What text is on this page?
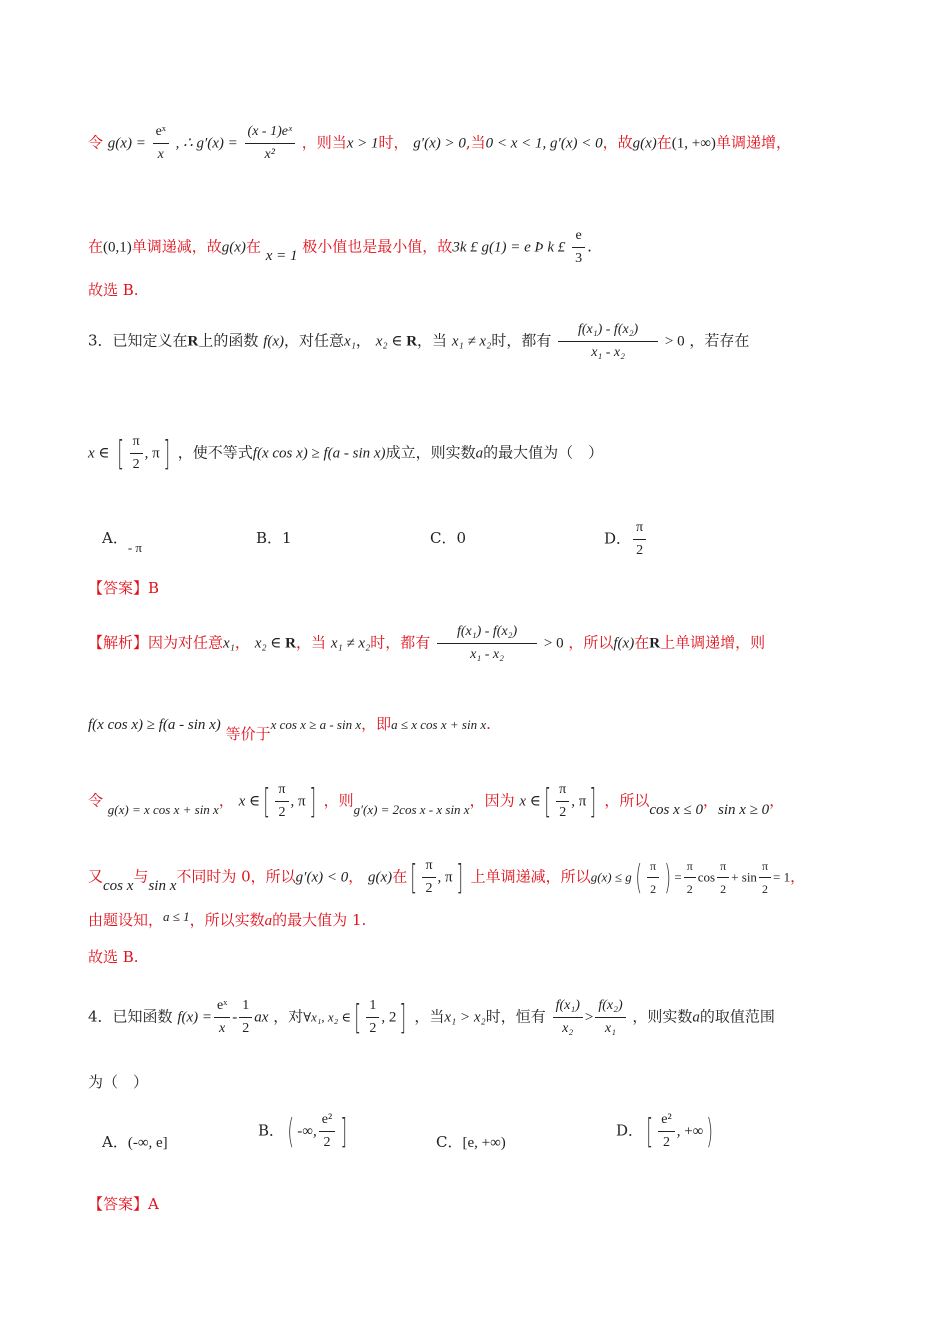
令 $g(x) = \frac{\text{eˣ}}{x}$ , ∴ $g'(x) = \frac{\text{(x - 1)eˣ}}{\text{x²}}$ ，则当x > 1时， g′(x) > 0,当0 < x < 1, g′(x) < 0，故g(x)在(1, +∞)单调递增，
在(0,1)单调递减，故g(x)在 x = 1 极小值也是最小值，故3k £ g(1) = e Þ k £ $\frac{e}{3}$ .
故选 B.
3．已知定义在R上的函数 f(x)，对任意x₁， x₂ ∈ R，当 x₁ ≠ x₂时，都有 $\frac{\text{f(x₁) - f(x₂)}}{\text{x₁ - x₂}} > 0$ ，若存在
x ∈ [ $\frac{\pi}{2}$ , π] ，使不等式f(x cos x) ≥ f(a - sin x)成立，则实数a的最大值为（　）
A．- π
B．1	C．0	D． $\frac{\pi}{2}$
【答案】B
【解析】因为对任意x₁， x₂ ∈ R，当 x₁ ≠ x₂时，都有 $\frac{\text{f(x₁) - f(x₂)}}{\text{x₁ - x₂}} > 0$ ，所以f(x)在R上单调递增，则
f(x cos x) ≥ f(a - sin x) 等价于x cos x ≥ a - sin x，即a ≤ x cos x + sin x.
令 g(x) = x cos x + sin x， x ∈[ $\frac{\pi}{2}$ , π] ，则g′(x) = 2cos x - x sin x，因为 x ∈[ $\frac{\pi}{2}$ , π] ，所以cos x ≤ 0，sin x ≥ 0，
又cos x与sin x不同时为 0，所以g′(x) < 0， g(x)在[ $\frac{\pi}{2}$ , π] 上单调递减，所以$g(x) \le g( \frac{\pi}{2}$ ) = $\frac{\pi}{2}$ $\cos \frac{\pi}{2} + \sin \frac{\pi}{2} = 1$，
由题设知，a ≤ 1，所以实数a的最大值为 1.
故选 B.
4．已知函数 $f(x) = \frac{\text{eˣ}}{x} - \frac{1}{2}$ ax ，对∀x₁, x₂ ∈[ $\frac{1}{2}$ , 2] ，当x₁ > x₂时，恒有 $\frac{\text{f(x₁)}}{\text{x₂}} > \frac{\text{f(x₂)}}{\text{x₁}}$ ，则实数a的取值范围
为（　）
A．(-∞, e]
B．( -∞, $\frac{\text{e²}}{2}$ ]	C．[e, +∞)
D．[ $\frac{\text{e²}}{2}$ , +∞)
【答案】A
